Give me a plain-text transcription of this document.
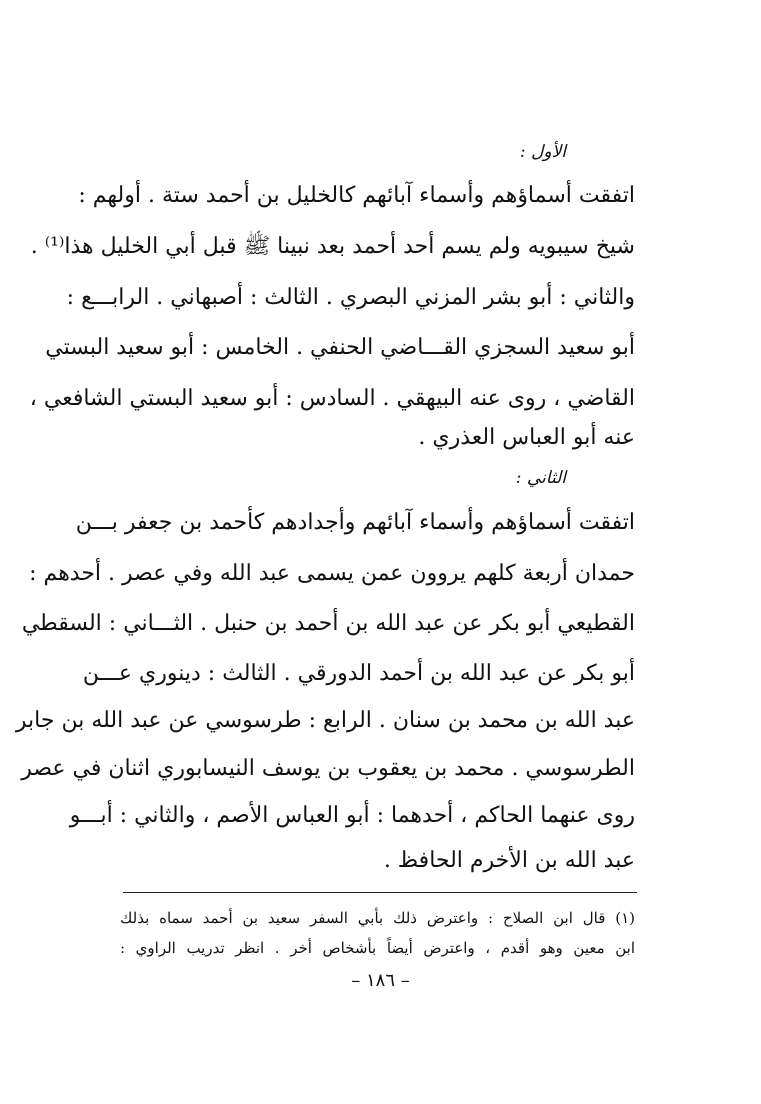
الأول :
اتفقت أسماؤهم وأسماء آبائهم كالخليل بن أحمد ستة . أولهم :
شيخ سيبويه ولم يسم أحد أحمد بعد نبينا ﷺ قبل أبي الخليل هذا⁽¹⁾ .
والثاني : أبو بشر المزني البصري . الثالث : أصبهاني . الرابـــع :
أبو سعيد السجزي القـــاضي الحنفي . الخامس : أبو سعيد البستي
القاضي ، روى عنه البيهقي . السادس : أبو سعيد البستي الشافعي ،
عنه أبو العباس العذري .
الثاني :
اتفقت أسماؤهم وأسماء آبائهم وأجدادهم كأحمد بن جعفر بـــن
حمدان أربعة كلهم يروون عمن يسمى عبد الله وفي عصر . أحدهم :
القطيعي أبو بكر عن عبد الله بن أحمد بن حنبل . الثـــاني : السقطي
أبو بكر عن عبد الله بن أحمد الدورقي . الثالث : دينوري عـــن
عبد الله بن محمد بن سنان . الرابع : طرسوسي عن عبد الله بن جابر
الطرسوسي . محمد بن يعقوب بن يوسف النيسابوري اثنان في عصر
روى عنهما الحاكم ، أحدهما : أبو العباس الأصم ، والثاني : أبـــو
عبد الله بن الأخرم الحافظ .
(١) قال ابن الصلاح : واعترض ذلك بأبي السفر سعيد بن أحمد سماه بذلك
ابن معين وهو أقدم ، واعترض أيضاً بأشخاص أخر . انظر تدريب الراوي :
– ١٨٦ –
